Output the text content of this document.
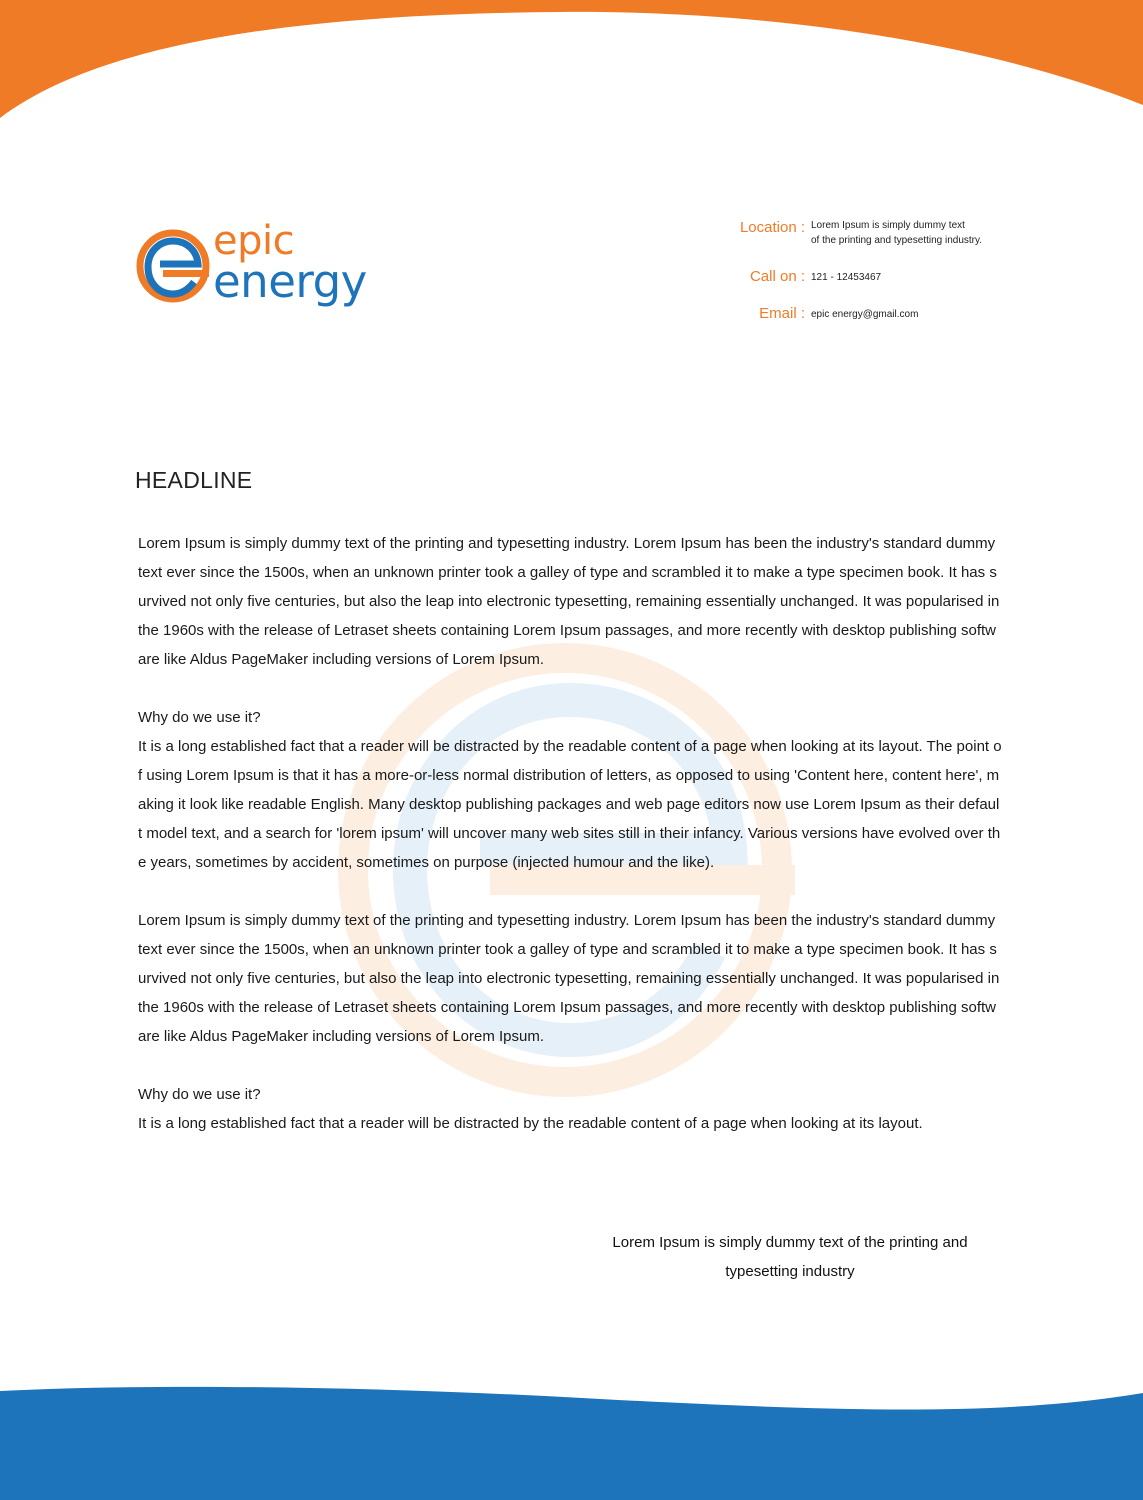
epic
energy
Location : Lorem Ipsum is simply dummy text
of the printing and typesetting industry.
Call on : 121 - 12453467
Email : epic energy@gmail.com
HEADLINE

Lorem Ipsum is simply dummy text of the printing and typesetting industry. Lorem Ipsum has been the industry's standard dummy text ever since the 1500s, when an unknown printer took a galley of type and scrambled it to make a type specimen book. It has survived not only five centuries, but also the leap into electronic typesetting, remaining essentially unchanged. It was popularised in the 1960s with the release of Letraset sheets containing Lorem Ipsum passages, and more recently with desktop publishing software like Aldus PageMaker including versions of Lorem Ipsum.

Why do we use it?

It is a long established fact that a reader will be distracted by the readable content of a page when looking at its layout. The point of using Lorem Ipsum is that it has a more-or-less normal distribution of letters, as opposed to using 'Content here, content here', making it look like readable English. Many desktop publishing packages and web page editors now use Lorem Ipsum as their default model text, and a search for 'lorem ipsum' will uncover many web sites still in their infancy. Various versions have evolved over the years, sometimes by accident, sometimes on purpose (injected humour and the like).

Lorem Ipsum is simply dummy text of the printing and typesetting industry. Lorem Ipsum has been the industry's standard dummy text ever since the 1500s, when an unknown printer took a galley of type and scrambled it to make a type specimen book. It has survived not only five centuries, but also the leap into electronic typesetting, remaining essentially unchanged. It was popularised in the 1960s with the release of Letraset sheets containing Lorem Ipsum passages, and more recently with desktop publishing software like Aldus PageMaker including versions of Lorem Ipsum.

Why do we use it?

It is a long established fact that a reader will be distracted by the readable content of a page when looking at its layout.

Lorem Ipsum is simply dummy text of the printing and
typesetting industry
